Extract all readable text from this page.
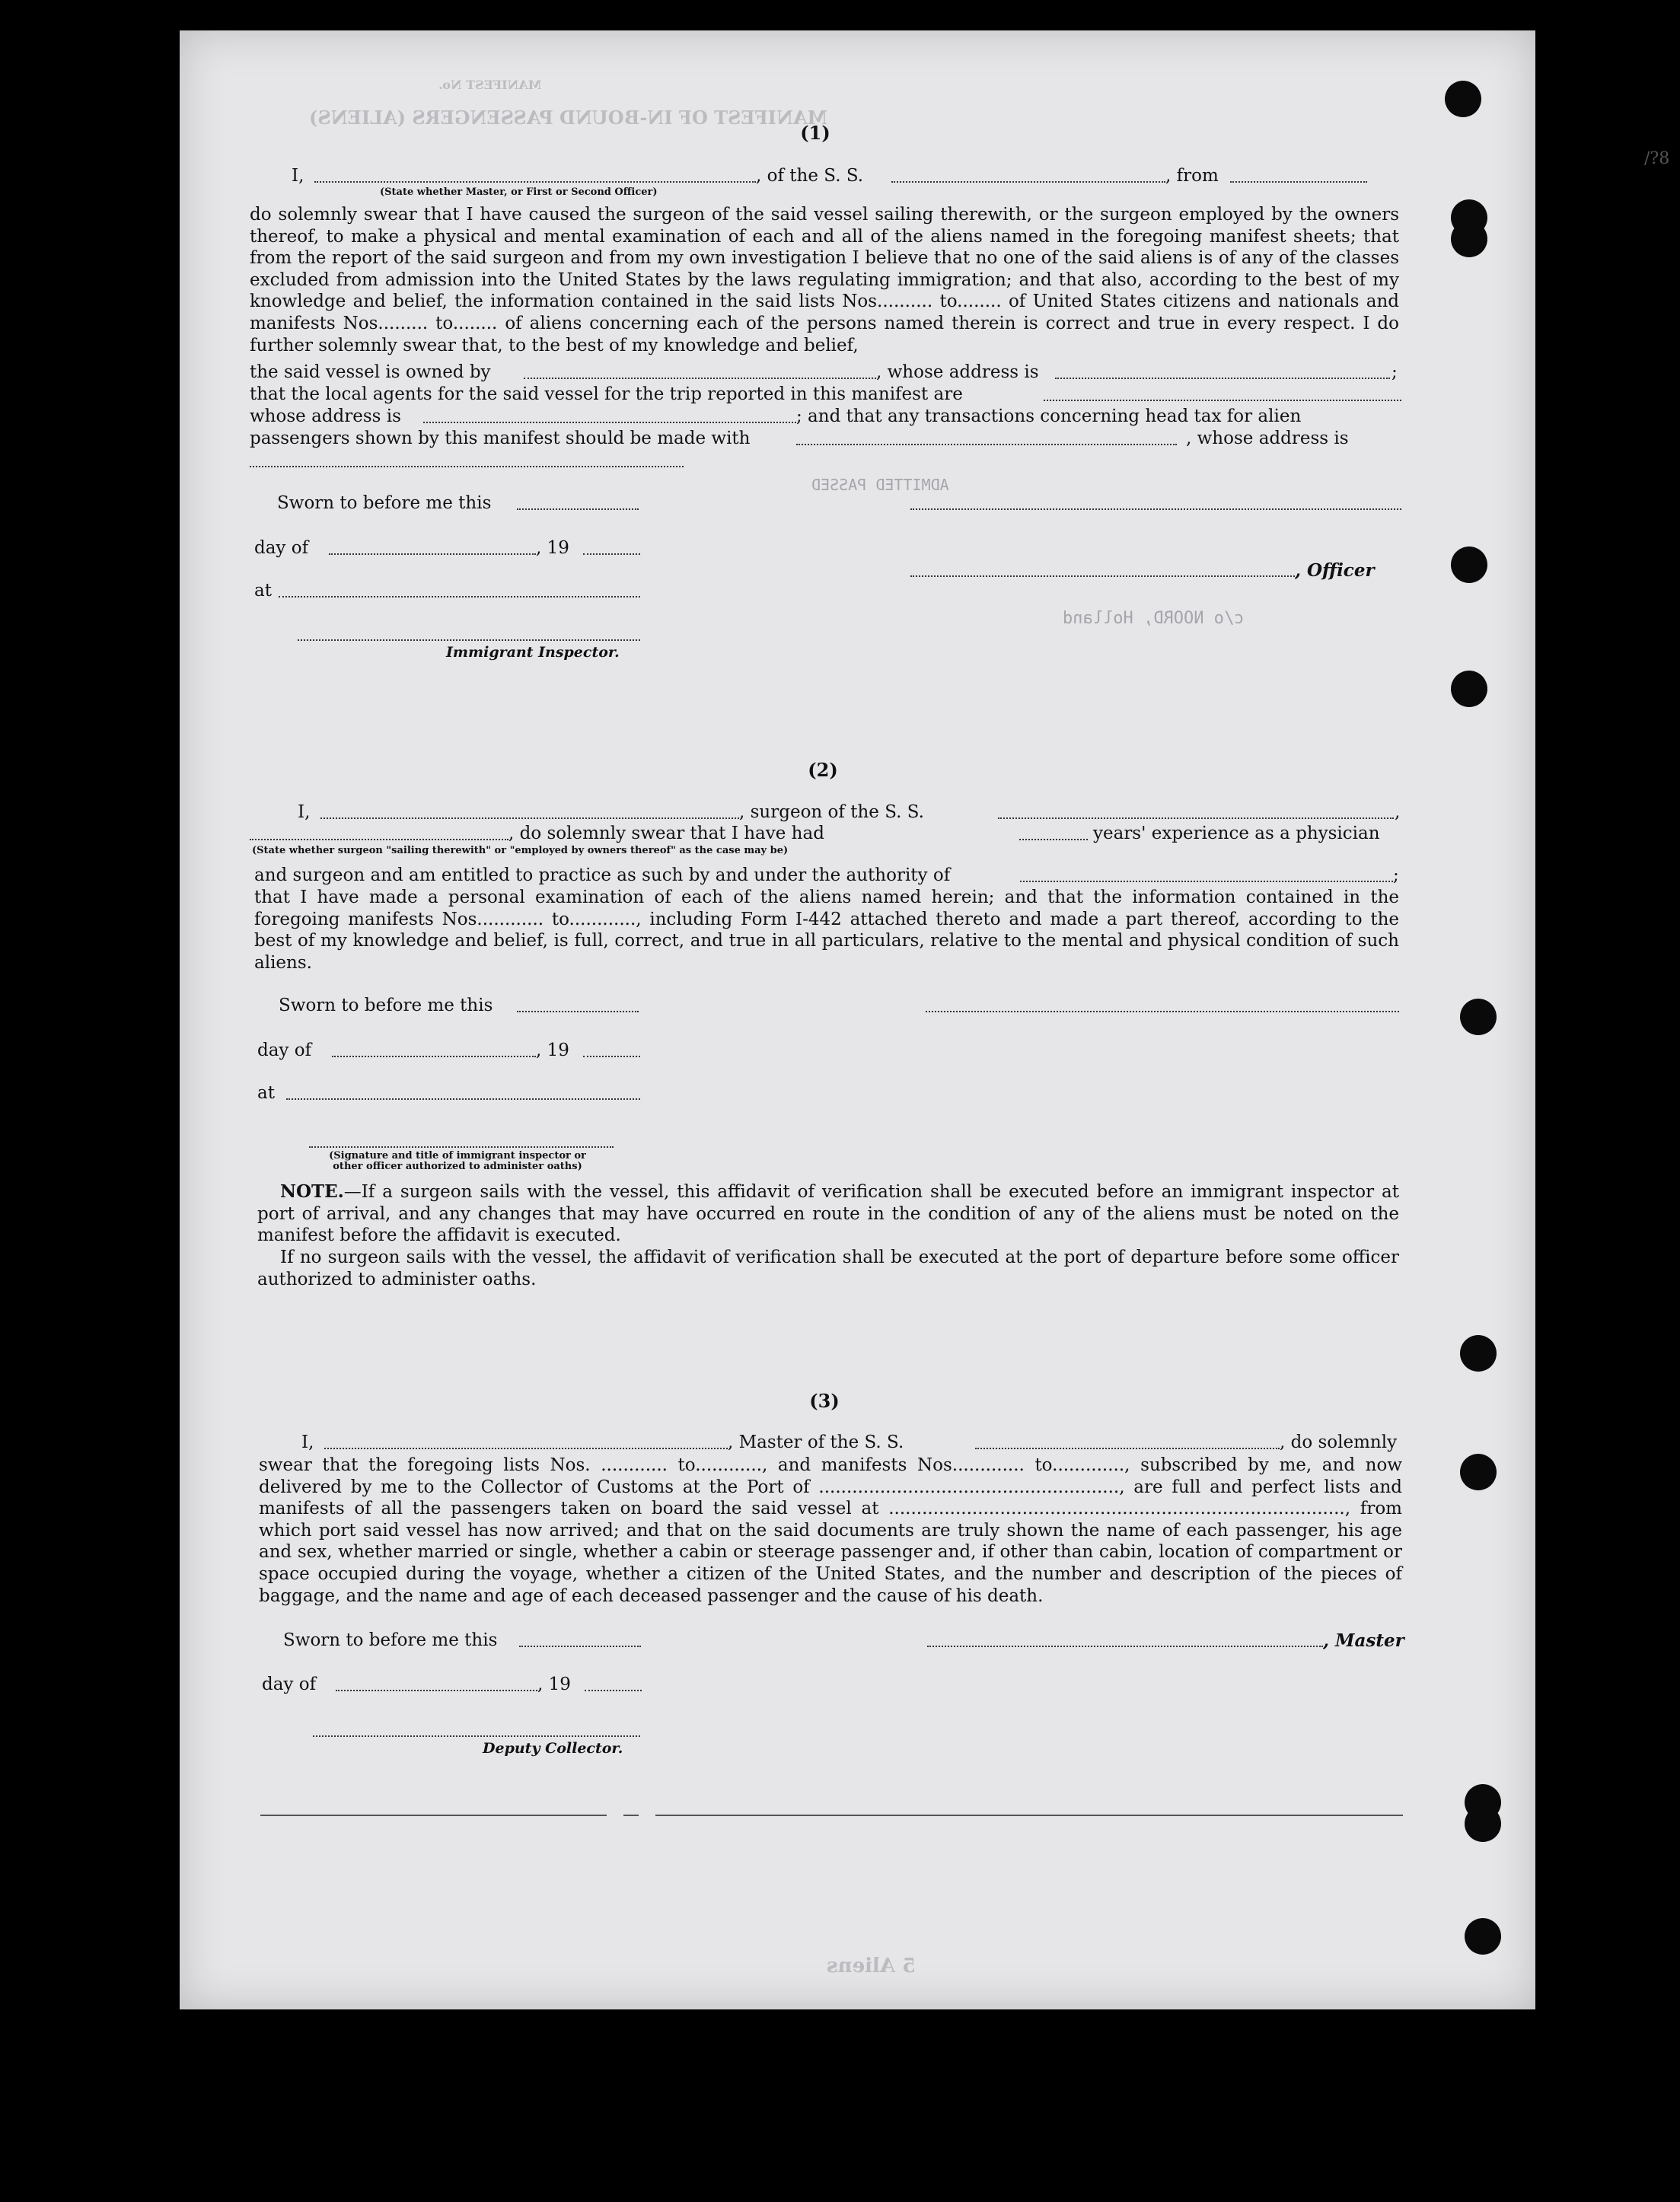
MANIFEST OF IN-BOUND PASSENGERS (ALIENS)
MANIFEST No.
ADMITTED PASSED
c/o NOORD, Holland
(1)
I,	, of the S. S.	, from
(State whether Master, or First or Second Officer)
do solemnly swear that I have caused the surgeon of the said vessel sailing therewith, or the surgeon employed by the owners thereof, to make a physical and mental examination of each and all of the aliens named in the foregoing manifest sheets; that from the report of the said surgeon and from my own investigation I believe that no one of the said aliens is of any of the classes excluded from admission into the United States by the laws regulating immigration; and that also, according to the best of my knowledge and belief, the information contained in the said lists Nos.......... to........ of United States citizens and nationals and manifests Nos......... to........ of aliens concerning each of the persons named therein is correct and true in every respect. I do further solemnly swear that, to the best of my knowledge and belief,
the said vessel is owned by	, whose address is	;
that the local agents for the said vessel for the trip reported in this manifest are
whose address is	; and that any transactions concerning head tax for alien
passengers shown by this manifest should be made with	, whose address is
Sworn to before me this
day of	, 19
, Officer
at
Immigrant Inspector.
(2)
I,	, surgeon of the S. S.	,
, do solemnly swear that I have had	years' experience as a physician
(State whether surgeon "sailing therewith" or "employed by owners thereof" as the case may be)
and surgeon and am entitled to practice as such by and under the authority of	;
that I have made a personal examination of each of the aliens named herein; and that the information contained in the foregoing manifests Nos............ to............, including Form I-442 attached thereto and made a part thereof, according to the best of my knowledge and belief, is full, correct, and true in all particulars, relative to the mental and physical condition of such aliens.
Sworn to before me this
day of	, 19
at
(Signature and title of immigrant inspector or other officer authorized to administer oaths)
NOTE.—If a surgeon sails with the vessel, this affidavit of verification shall be executed before an immigrant inspector at port of arrival, and any changes that may have occurred en route in the condition of any of the aliens must be noted on the manifest before the affidavit is executed.
If no surgeon sails with the vessel, the affidavit of verification shall be executed at the port of departure before some officer authorized to administer oaths.
(3)
I,	, Master of the S. S.	, do solemnly
swear that the foregoing lists Nos. ............ to............, and manifests Nos............. to............., subscribed by me, and now delivered by me to the Collector of Customs at the Port of ......................................................, are full and perfect lists and manifests of all the passengers taken on board the said vessel at .................................................................................., from which port said vessel has now arrived; and that on the said documents are truly shown the name of each passenger, his age and sex, whether married or single, whether a cabin or steerage passenger and, if other than cabin, location of compartment or space occupied during the voyage, whether a citizen of the United States, and the number and description of the pieces of baggage, and the name and age of each deceased passenger and the cause of his death.
Sworn to before me this	, Master
day of	, 19
Deputy Collector.
5 Aliens
/?8
